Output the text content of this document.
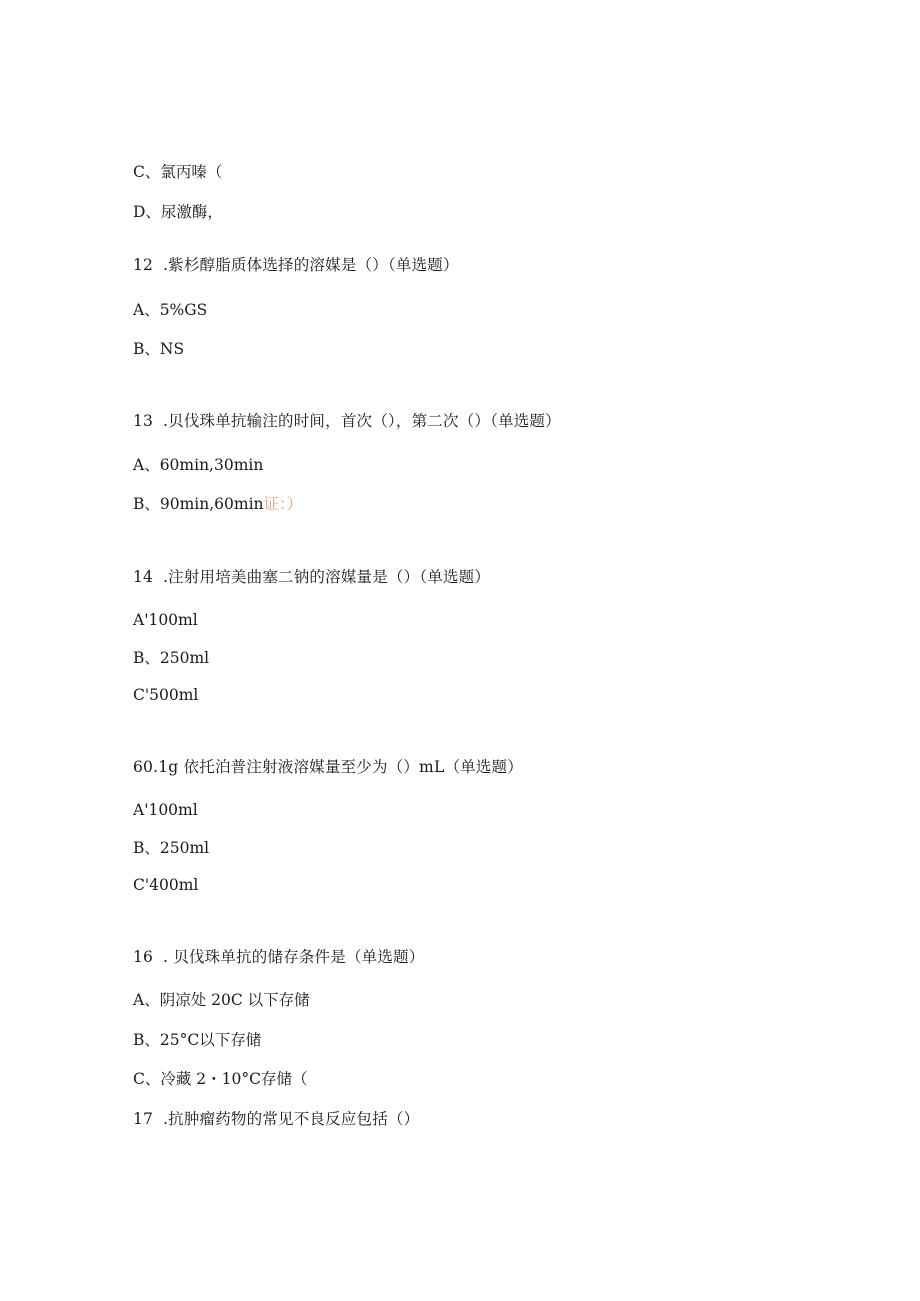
C、氯丙嗪（
D、尿激酶，
12 .紫杉醇脂质体选择的溶媒是（）（单选题）
A、5%GS
B、NS
13 .贝伐珠单抗输注的时间，首次（），第二次（）（单选题）
A、60min,30min
B、90min,60min证：）
14 .注射用培美曲塞二钠的溶媒量是（）（单选题）
A'100ml
B、250ml
C'500ml
60.1g 依托泊普注射液溶媒量至少为（）mL（单选题）
A'100ml
B、250ml
C'400ml
16 . 贝伐珠单抗的储存条件是（单选题）
A、阴凉处 20C 以下存储
B、25°C以下存储
C、冷藏 2・10°C存储（
17 .抗肿瘤药物的常见不良反应包括（）
